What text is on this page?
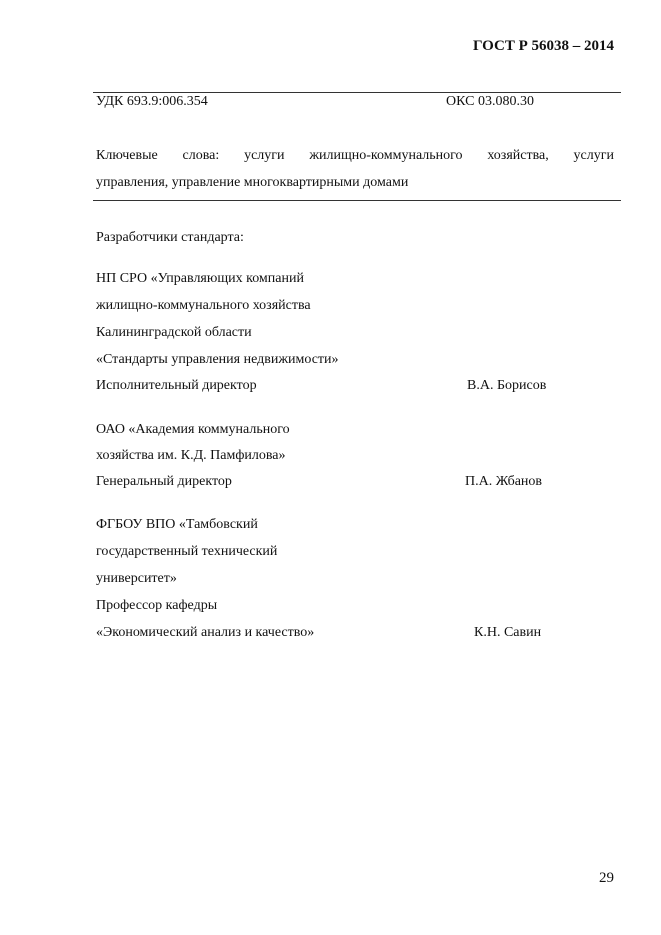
ГОСТ Р 56038 – 2014
УДК 693.9:006.354	ОКС 03.080.30
Ключевые слова: услуги жилищно-коммунального хозяйства, услуги
управления, управление многоквартирными домами
Разработчики стандарта:
НП СРО «Управляющих компаний
жилищно-коммунального хозяйства
Калининградской области
«Стандарты управления недвижимости»
Исполнительный директор	В.А. Борисов
ОАО «Академия коммунального
хозяйства им. К.Д. Памфилова»
Генеральный директор	П.А. Жбанов
ФГБОУ ВПО «Тамбовский
государственный технический
университет»
Профессор кафедры
«Экономический анализ и качество»	К.Н. Савин
29
